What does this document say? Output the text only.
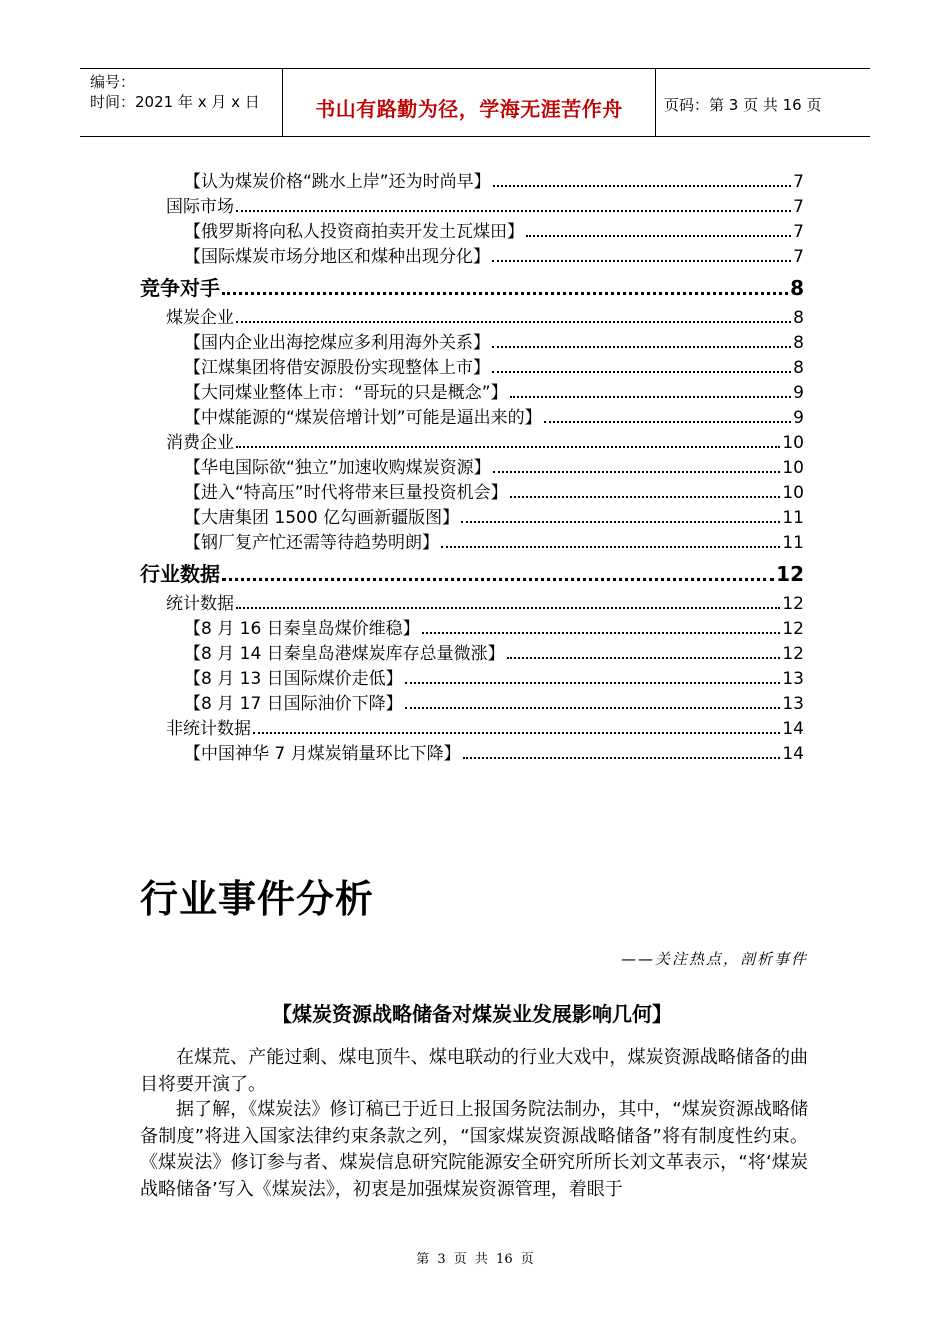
编号：
时间：2021 年 x 月 x 日	书山有路勤为径，学海无涯苦作舟	页码：第 3 页 共 16 页
【认为煤炭价格“跳水上岸”还为时尚早】	7
国际市场	7
【俄罗斯将向私人投资商拍卖开发土瓦煤田】	7
【国际煤炭市场分地区和煤种出现分化】	7
竞争对手	8
煤炭企业	8
【国内企业出海挖煤应多利用海外关系】	8
【江煤集团将借安源股份实现整体上市】	8
【大同煤业整体上市：“哥玩的只是概念”】	9
【中煤能源的“煤炭倍增计划”可能是逼出来的】	9
消费企业	10
【华电国际欲“独立”加速收购煤炭资源】	10
【进入“特高压”时代将带来巨量投资机会】	10
【大唐集团 1500 亿勾画新疆版图】	11
【钢厂复产忙还需等待趋势明朗】	11
行业数据	12
统计数据	12
【8 月 16 日秦皇岛煤价维稳】	12
【8 月 14 日秦皇岛港煤炭库存总量微涨】	12
【8 月 13 日国际煤价走低】	13
【8 月 17 日国际油价下降】	13
非统计数据	14
【中国神华 7 月煤炭销量环比下降】	14
行业事件分析
——关注热点，剖析事件
【煤炭资源战略储备对煤炭业发展影响几何】
在煤荒、产能过剩、煤电顶牛、煤电联动的行业大戏中，煤炭资源战略储备的曲目将要开演了。
据了解，《煤炭法》修订稿已于近日上报国务院法制办，其中，“煤炭资源战略储备制度”将进入国家法律约束条款之列，“国家煤炭资源战略储备”将有制度性约束。《煤炭法》修订参与者、煤炭信息研究院能源安全研究所所长刘文革表示，“将‘煤炭战略储备’写入《煤炭法》，初衷是加强煤炭资源管理，着眼于
第 3 页 共 16 页
